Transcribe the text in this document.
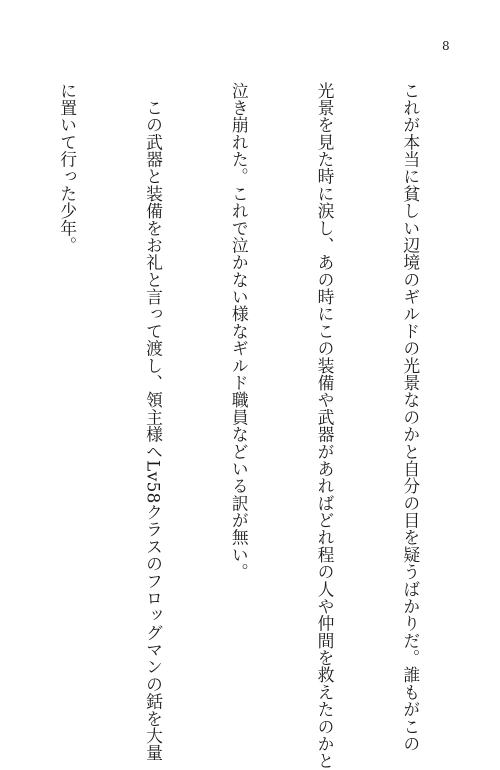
8

これが本当に貧しい辺境のギルドの光景なのかと自分の目を疑うばかりだ。誰もがこの

光景を見た時に涙し、あの時にこの装備や武器があればどれ程の人や仲間を救えたのかと

泣き崩れた。これで泣かない様なギルド職員などいる訳が無い。

　この武器と装備をお礼と言って渡し、領主様へLv58クラスのフロッグマンの銛を大量

に置いて行った少年。
